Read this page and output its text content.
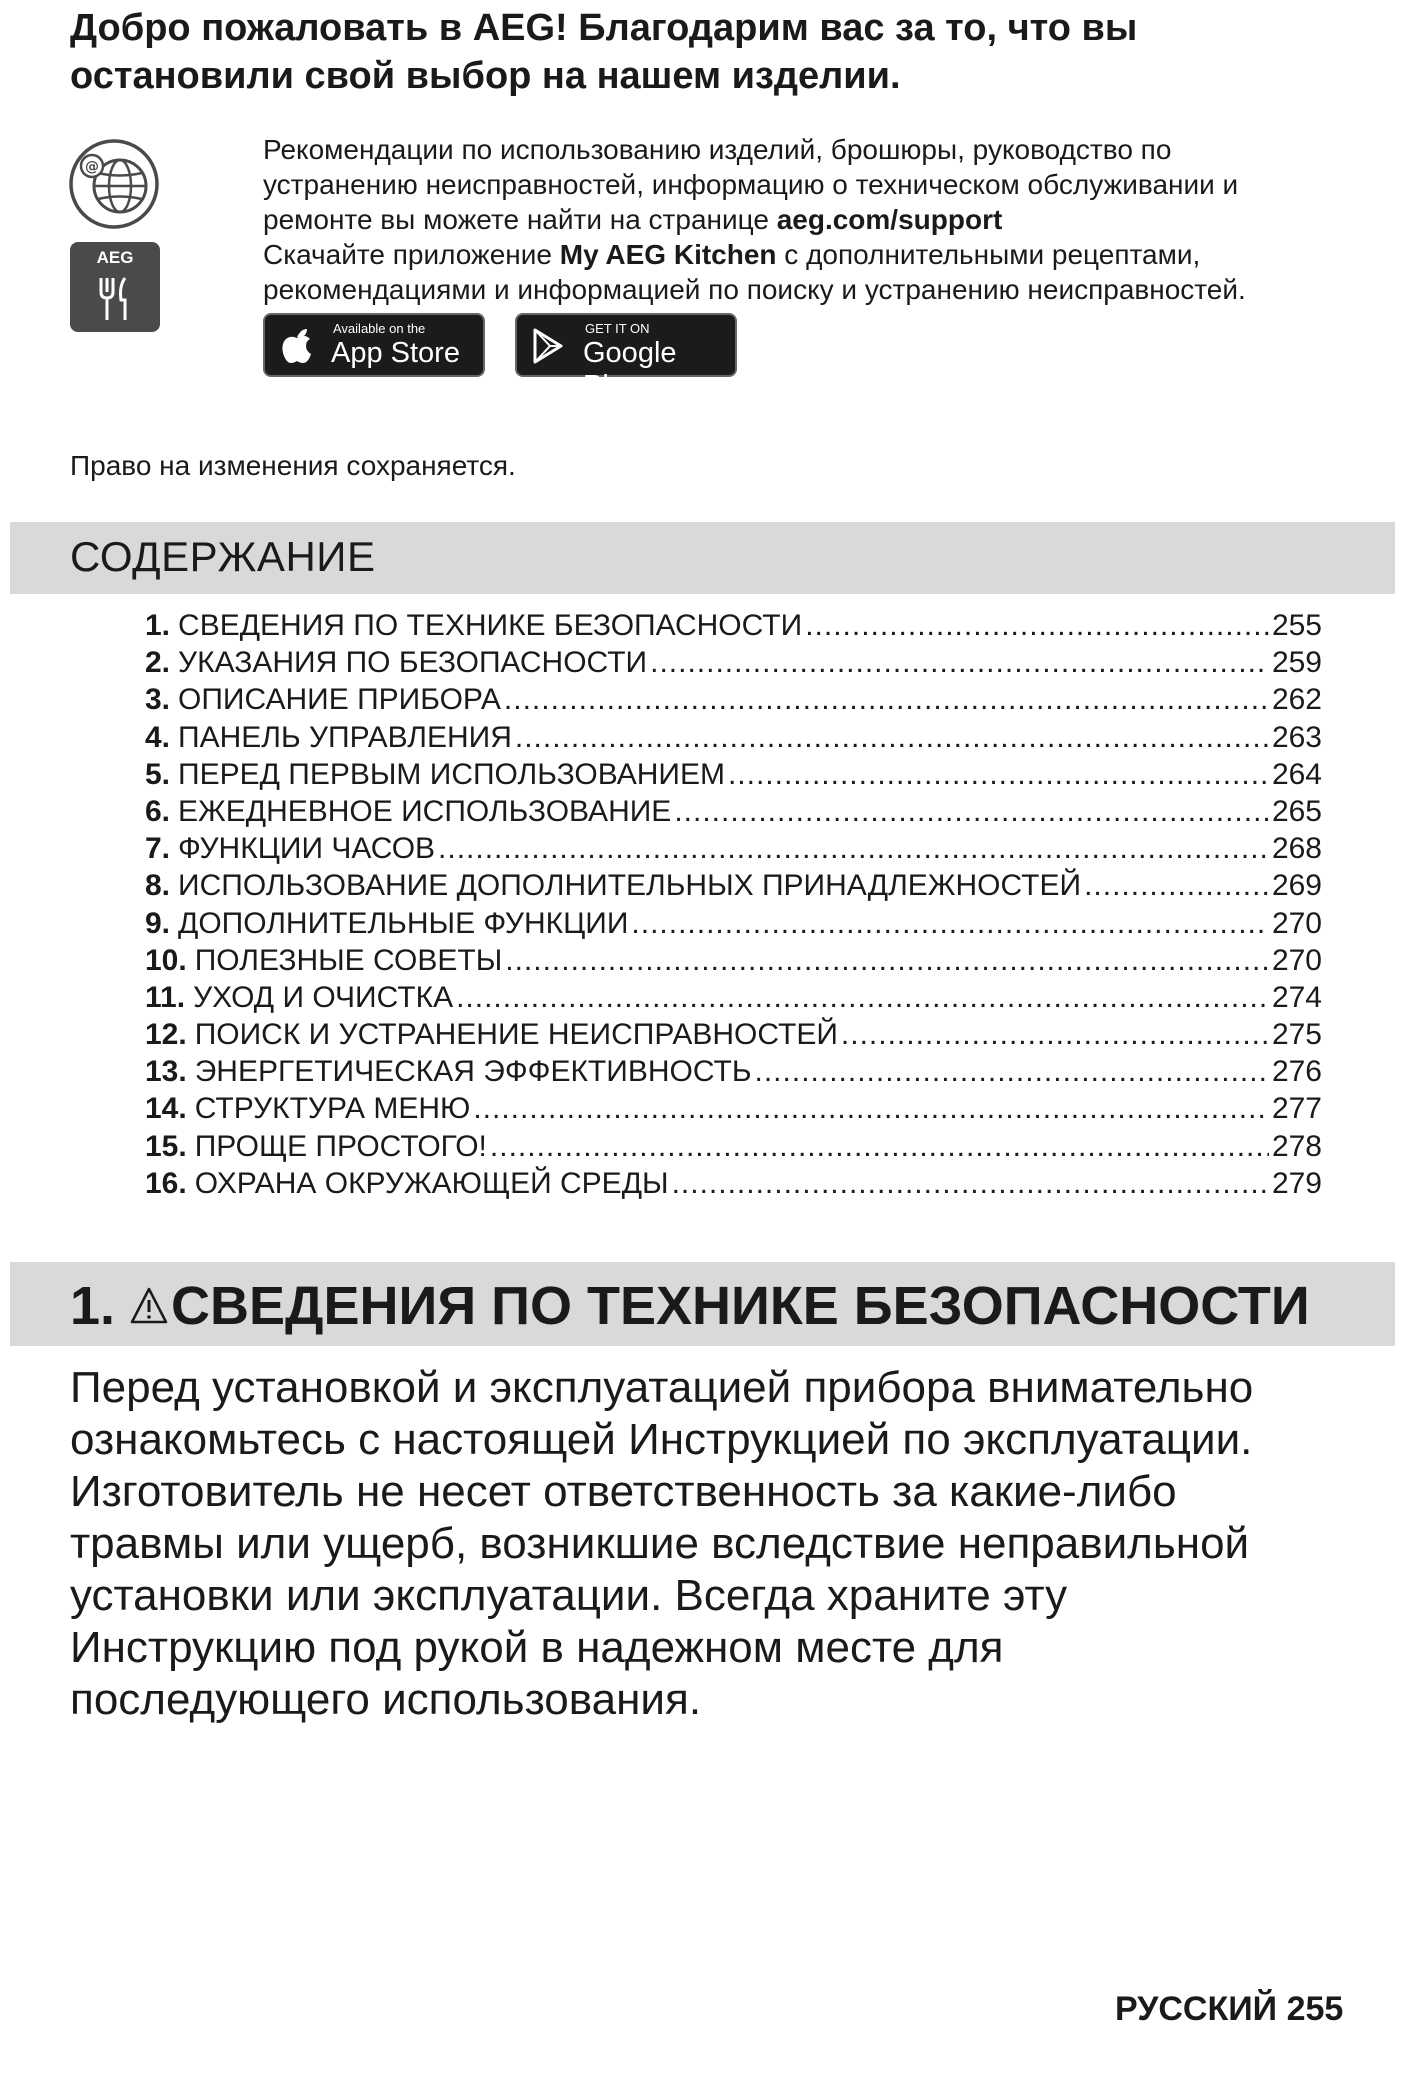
Добро пожаловать в AEG! Благодарим вас за то, что вы
остановили свой выбор на нашем изделии.
@
AEG
Рекомендации по использованию изделий, брошюры, руководство по
устранению неисправностей, информацию о техническом обслуживании и
ремонте вы можете найти на странице aeg.com/support
Скачайте приложение My AEG Kitchen с дополнительными рецептами,
рекомендациями и информацией по поиску и устранению неисправностей.
Available on the
App Store
GET IT ON
Google Play
Право на изменения сохраняется.
СОДЕРЖАНИЕ
1. СВЕДЕНИЯ ПО ТЕХНИКЕ БЕЗОПАСНОСТИ .....	255
2. УКАЗАНИЯ ПО БЕЗОПАСНОСТИ .....	259
3. ОПИСАНИЕ ПРИБОРА .....	262
4. ПАНЕЛЬ УПРАВЛЕНИЯ .....	263
5. ПЕРЕД ПЕРВЫМ ИСПОЛЬЗОВАНИЕМ .....	264
6. ЕЖЕДНЕВНОЕ ИСПОЛЬЗОВАНИЕ .....	265
7. ФУНКЦИИ ЧАСОВ .....	268
8. ИСПОЛЬЗОВАНИЕ ДОПОЛНИТЕЛЬНЫХ ПРИНАДЛЕЖНОСТЕЙ .....	269
9. ДОПОЛНИТЕЛЬНЫЕ ФУНКЦИИ .....	270
10. ПОЛЕЗНЫЕ СОВЕТЫ .....	270
11. УХОД И ОЧИСТКА .....	274
12. ПОИСК И УСТРАНЕНИЕ НЕИСПРАВНОСТЕЙ .....	275
13. ЭНЕРГЕТИЧЕСКАЯ ЭФФЕКТИВНОСТЬ .....	276
14. СТРУКТУРА МЕНЮ .....	277
15. ПРОЩЕ ПРОСТОГО! .....	278
16. ОХРАНА ОКРУЖАЮЩЕЙ СРЕДЫ .....	279
1. СВЕДЕНИЯ ПО ТЕХНИКЕ БЕЗОПАСНОСТИ
Перед установкой и эксплуатацией прибора внимательно
ознакомьтесь с настоящей Инструкцией по эксплуатации.
Изготовитель не несет ответственность за какие-либо
травмы или ущерб, возникшие вследствие неправильной
установки или эксплуатации. Всегда храните эту
Инструкцию под рукой в надежном месте для
последующего использования.
РУССКИЙ 255
